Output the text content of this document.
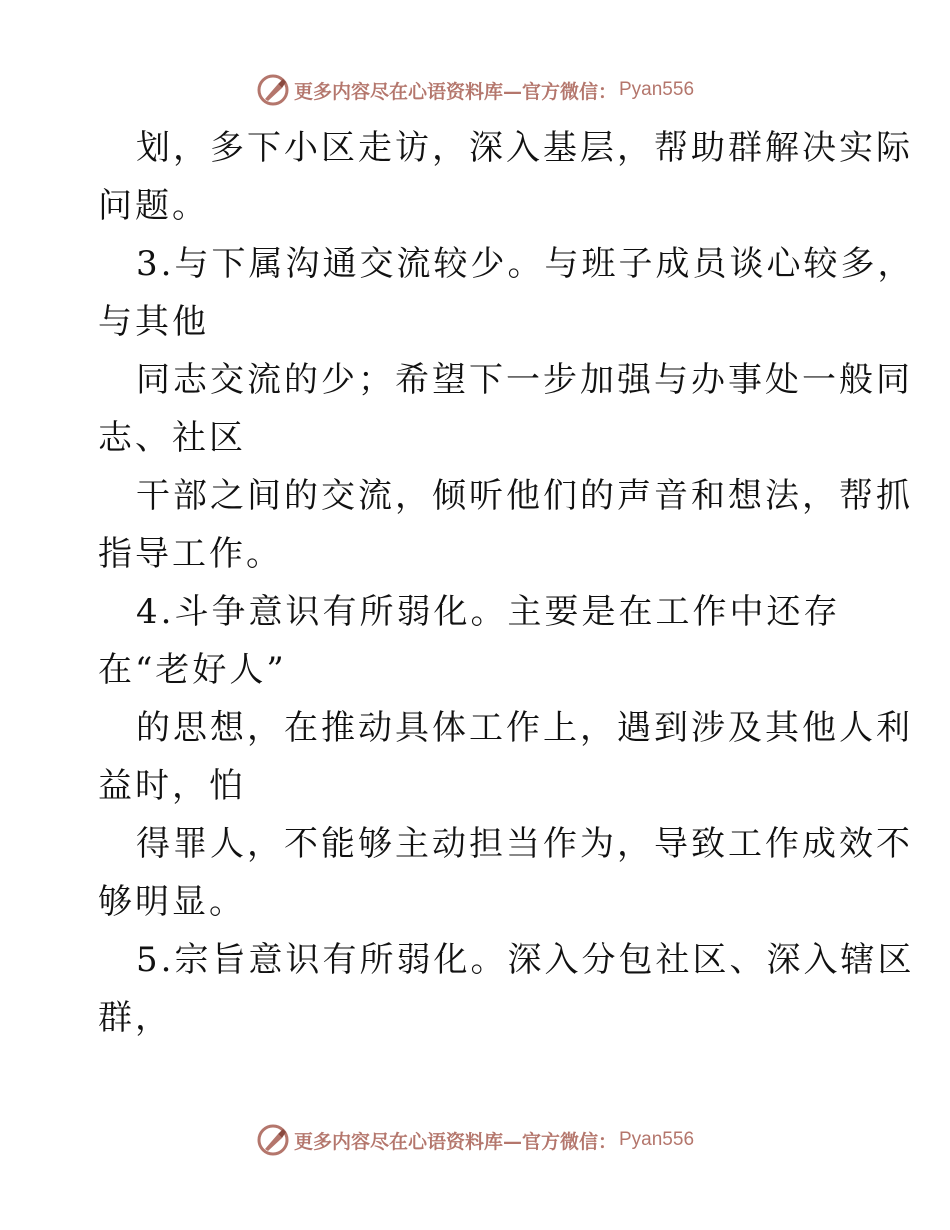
更多内容尽在心语资料库—官方微信： Pyan556
划，多下小区走访，深入基层，帮助群解决实际
问题。
3.与下属沟通交流较少。与班子成员谈心较多，
与其他
同志交流的少；希望下一步加强与办事处一般同
志、社区
干部之间的交流，倾听他们的声音和想法，帮抓
指导工作。
4.斗争意识有所弱化。主要是在工作中还存
在“老好人”
的思想，在推动具体工作上，遇到涉及其他人利
益时，怕
得罪人，不能够主动担当作为，导致工作成效不
够明显。
5.宗旨意识有所弱化。深入分包社区、深入辖区
群，
更多内容尽在心语资料库—官方微信： Pyan556
